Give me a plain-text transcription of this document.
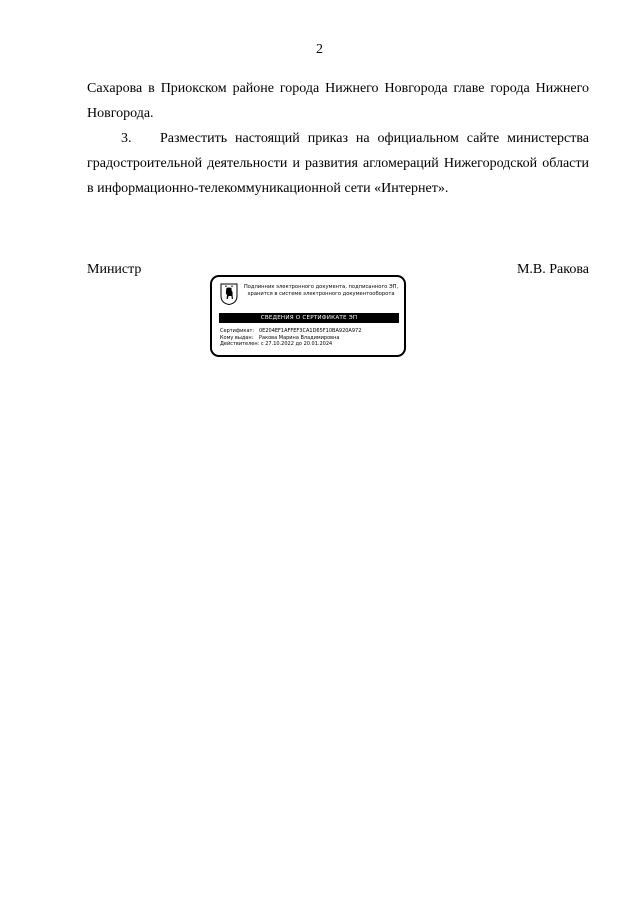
2

Сахарова в Приокском районе города Нижнего Новгорода главе города Нижнего

Новгорода.

3. Разместить настоящий приказ на официальном сайте министерства градостроительной деятельности и развития агломераций Нижегородской области в информационно-телекоммуникационной сети «Интернет».

Министр	М.В. Ракова
Подлинник электронного документа, подписанного ЭП,
хранится в системе электронного документооборота
СВЕДЕНИЯ О СЕРТИФИКАТЕ ЭП
Сертификат: 0E204EF1AFFEF3CA1D65F10BA920A972
Кому выдан: Ракова Марина Владимировна
Действителен: с 27.10.2022 до 20.01.2024
